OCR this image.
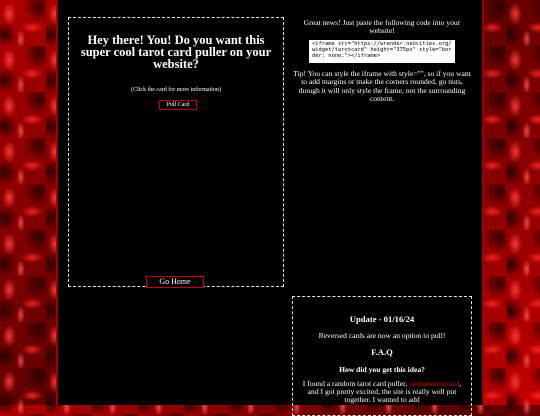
Hey there! You! Do you want this super cool tarot card puller on your website?
(Click the card for more information)
Pull Card
Go Home

Great news! Just paste the following code into your website!

<iframe src="https://wrender.neocities.org/widget/tarotcard" height="375px" style="border: none;"></iframe>

Tip! You can style the iframe with style="", so if you want to add margins or make the corners rounded, go nuts, though it will only style the frame, not the surrounding content.

Update - 01/16/24
Reversed cards are now an option to pull!
F.A.Q
How did you get this idea?
I found a random tarot card puller, randomtarotcard, and I got pretty excited, the site is really well put together. I wanted to add
